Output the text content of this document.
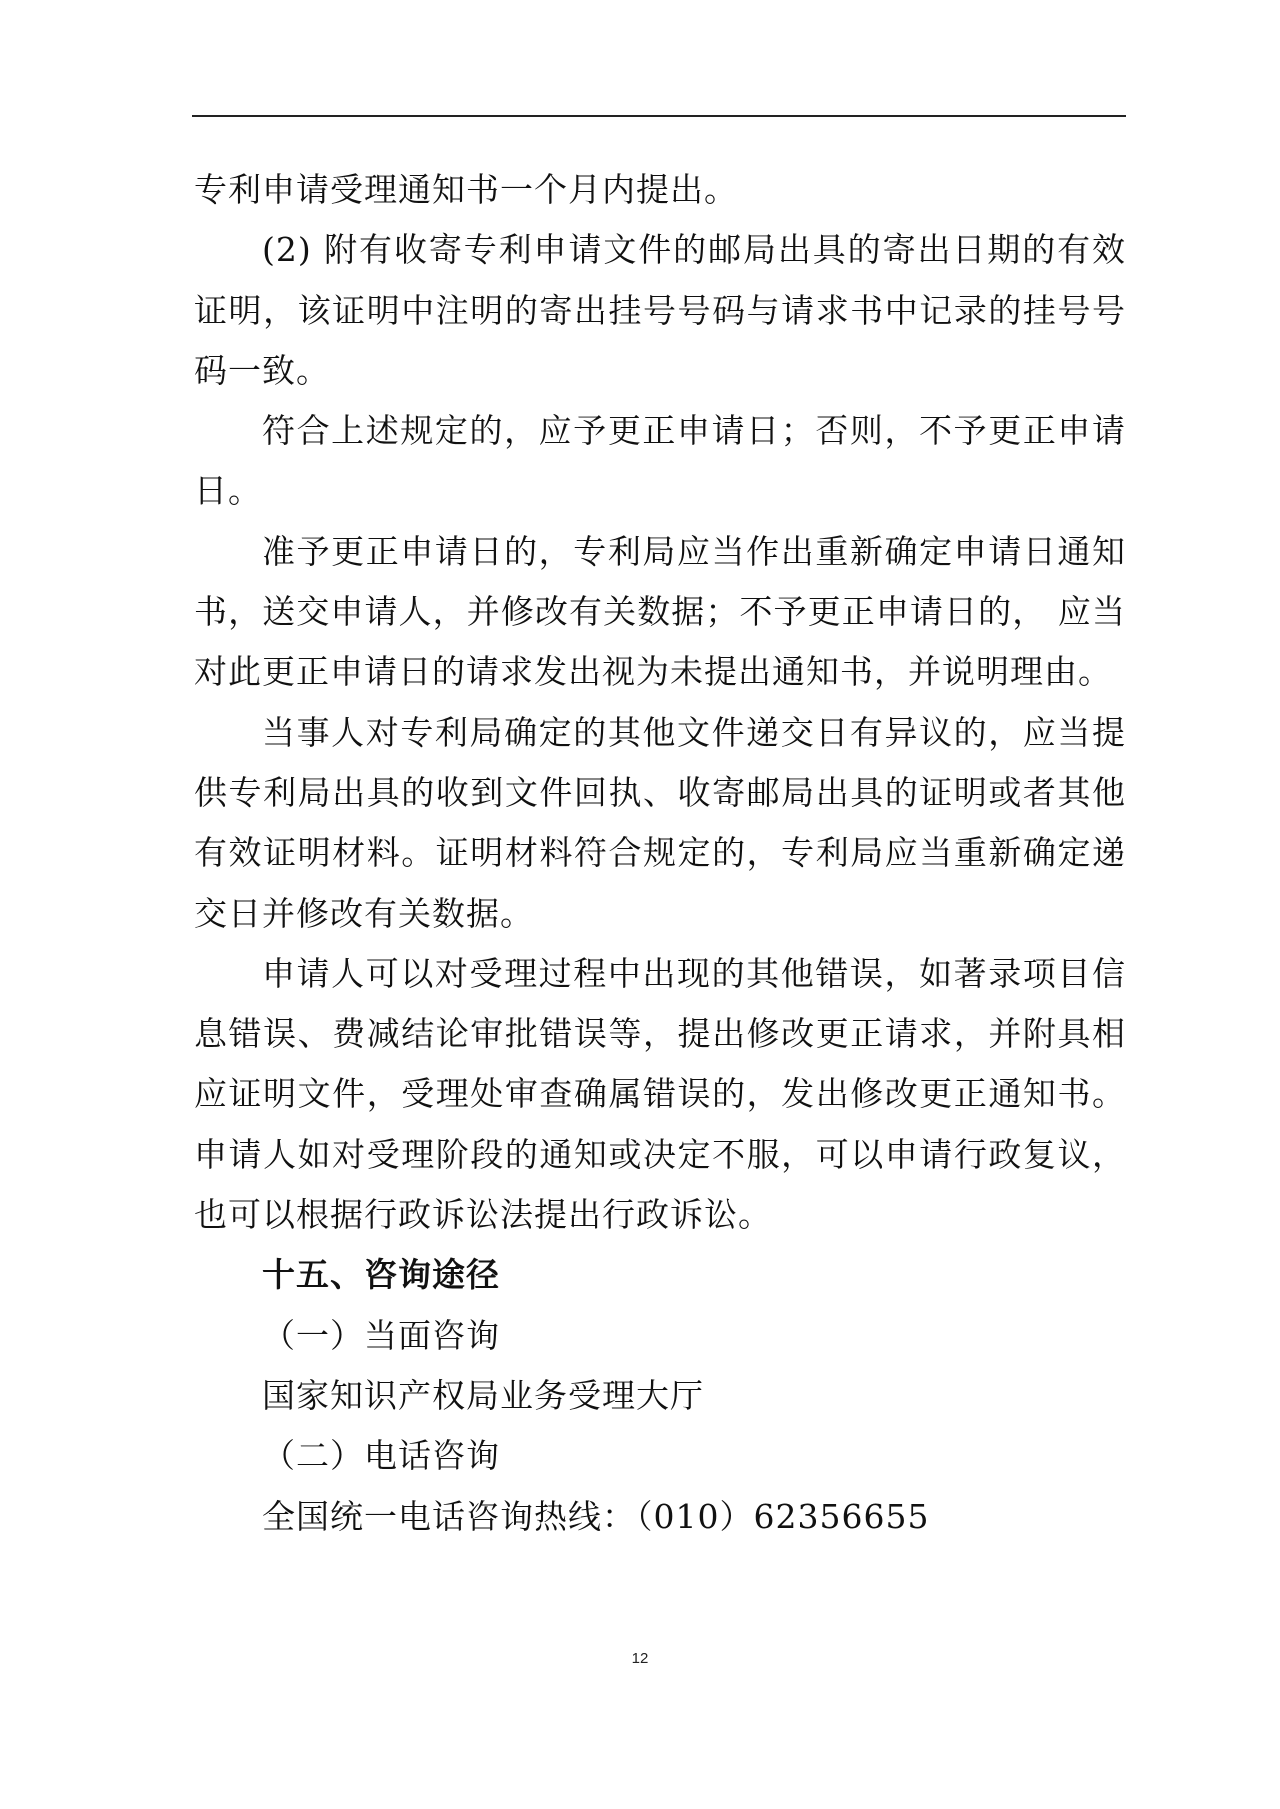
专利申请受理通知书一个月内提出。

(2) 附有收寄专利申请文件的邮局出具的寄出日期的有效证明，该证明中注明的寄出挂号号码与请求书中记录的挂号号码一致。

符合上述规定的，应予更正申请日；否则，不予更正申请日。

准予更正申请日的，专利局应当作出重新确定申请日通知书，送交申请人，并修改有关数据；不予更正申请日的， 应当对此更正申请日的请求发出视为未提出通知书，并说明理由。

当事人对专利局确定的其他文件递交日有异议的，应当提供专利局出具的收到文件回执、收寄邮局出具的证明或者其他有效证明材料。证明材料符合规定的，专利局应当重新确定递交日并修改有关数据。

申请人可以对受理过程中出现的其他错误，如著录项目信息错误、费减结论审批错误等，提出修改更正请求，并附具相应证明文件，受理处审查确属错误的，发出修改更正通知书。申请人如对受理阶段的通知或决定不服，可以申请行政复议，也可以根据行政诉讼法提出行政诉讼。

十五、咨询途径

（一）当面咨询

国家知识产权局业务受理大厅

（二）电话咨询

全国统一电话咨询热线：（010）62356655

12
